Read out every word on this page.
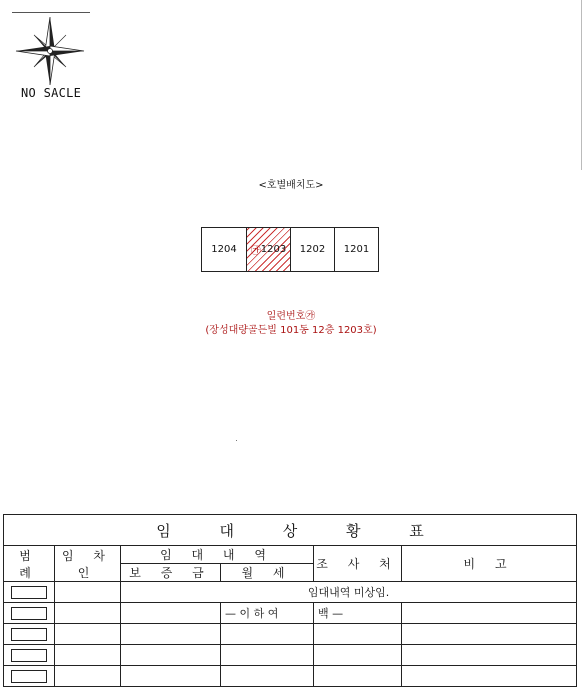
NO SACLE
<호별배치도>
1204 ㉮ 1203 1202 1201
일련번호㉮
(장성대량골든빌 101동 12층 1203호)
임 대 상 황 표					
범 례	임 차 인	임 대 내 역		조 사 처	비 고
		보 증 금	월 세		
		임대내역 미상임.			
			— 이 하 여	백 —	
